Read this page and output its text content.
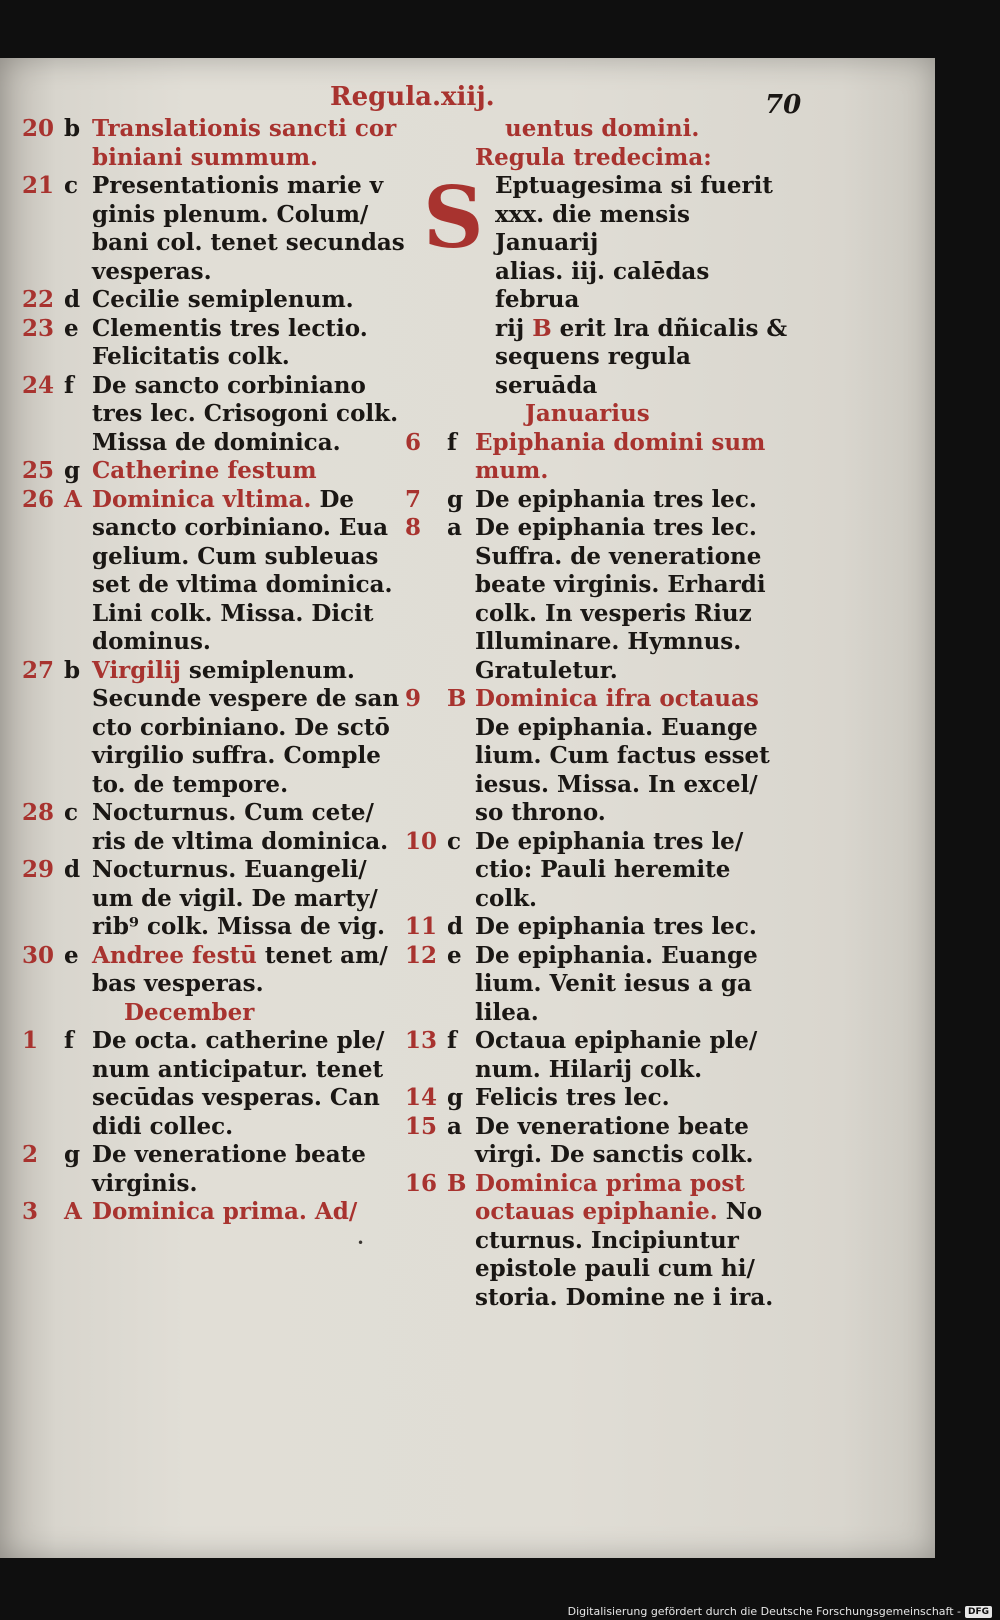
Regula.xiij.	70
20 b Translationis sancti cor
biniani summum.
21 c Presentationis marie v
ginis plenum. Colum/
bani col. tenet secundas
vesperas.
22 d Cecilie semiplenum.
23 e Clementis tres lectio.
Felicitatis colk.
24 f De sancto corbiniano
tres lec. Crisogoni colk.
Missa de dominica.
25 g Catherine festum
26 A Dominica vltima. De
sancto corbiniano. Eua
gelium. Cum subleuas
set de vltima dominica.
Lini colk. Missa. Dicit
dominus.
27 b Virgilij semiplenum.
Secunde vespere de san
cto corbiniano. De sctō
virgilio suffra. Comple
to. de tempore.
28 c Nocturnus. Cum cete/
ris de vltima dominica.
29 d Nocturnus. Euangeli/
um de vigil. De marty/
rib⁹ colk. Missa de vig.
30 e Andree festū tenet am/
bas vesperas.
December
1	f De octa. catherine ple/
num anticipatur. tenet
secūdas vesperas. Can
didi collec.
2	g De veneratione beate
virginis.
3	A Dominica prima. Ad/
uentus domini.
Regula tredecima:
S Eptuagesima si fuerit
xxx. die mensis Januarij
alias. iij. calēdas februa
rij B erit lra dñicalis &
sequens regula seruāda
Januarius
6	f Epiphania domini sum
mum.
7	g De epiphania tres lec.
8	a De epiphania tres lec.
Suffra. de veneratione
beate virginis. Erhardi
colk. In vesperis Riuz
Illuminare. Hymnus.
Gratuletur.
9	B Dominica ifra octauas
De epiphania. Euange
lium. Cum factus esset
iesus. Missa. In excel/
so throno.
10 c De epiphania tres le/
ctio: Pauli heremite
colk.
11 d De epiphania tres lec.
12 e De epiphania. Euange
lium. Venit iesus a ga
lilea.
13 f Octaua epiphanie ple/
num. Hilarij colk.
14 g Felicis tres lec.
15 a De veneratione beate
virgi. De sanctis colk.
16 B Dominica prima post
octauas epiphanie. No
cturnus. Incipiuntur
epistole pauli cum hi/
storia. Domine ne i ira.
•
Digitalisierung gefördert durch die Deutsche Forschungsgemeinschaft - DFG
